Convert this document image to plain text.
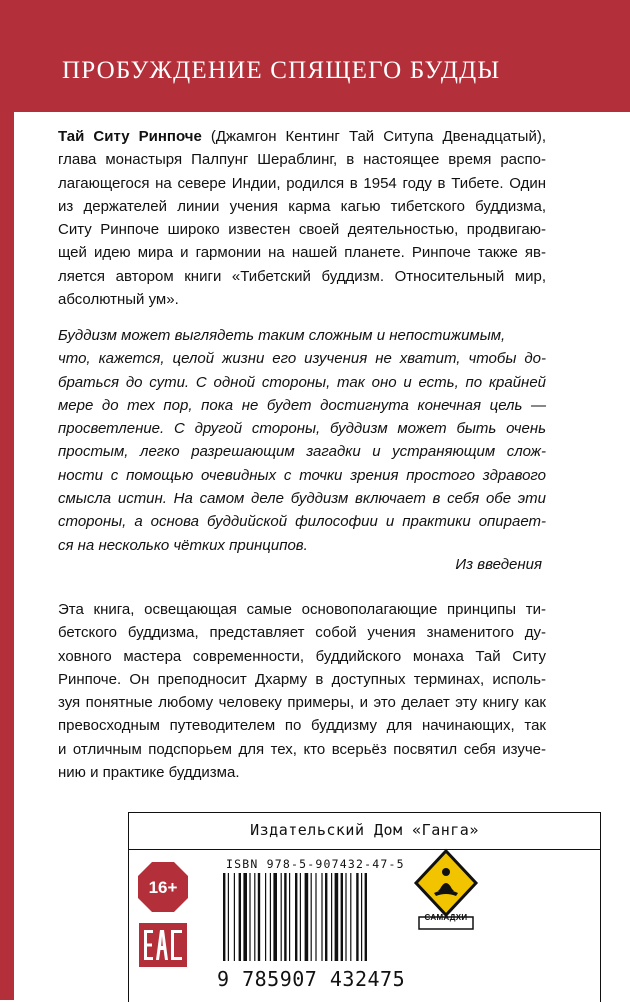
ПРОБУЖДЕНИЕ СПЯЩЕГО БУДДЫ
Тай Ситу Ринпоче (Джамгон Кентинг Тай Ситупа Двенадцатый),
глава монастыря Палпунг Шераблинг, в настоящее время распо-
лагающегося на севере Индии, родился в 1954 году в Тибете. Один
из держателей линии учения карма кагью тибетского буддизма,
Ситу Ринпоче широко известен своей деятельностью, продвигаю-
щей идею мира и гармонии на нашей планете. Ринпоче также яв-
ляется автором книги «Тибетский буддизм. Относительный мир,
абсолютный ум».
Буддизм может выглядеть таким сложным и непостижимым,
что, кажется, целой жизни его изучения не хватит, чтобы до-
браться до сути. С одной стороны, так оно и есть, по крайней
мере до тех пор, пока не будет достигнута конечная цель —
просветление. С другой стороны, буддизм может быть очень
простым, легко разрешающим загадки и устраняющим слож-
ности с помощью очевидных с точки зрения простого здравого
смысла истин. На самом деле буддизм включает в себя обе эти
стороны, а основа буддийской философии и практики опирает-
ся на несколько чётких принципов.
Из введения
Эта книга, освещающая самые основополагающие принципы ти-
бетского буддизма, представляет собой учения знаменитого ду-
ховного мастера современности, буддийского монаха Тай Ситу
Ринпоче. Он преподносит Дхарму в доступных терминах, исполь-
зуя понятные любому человеку примеры, и это делает эту книгу как
превосходным путеводителем по буддизму для начинающих, так
и отличным подспорьем для тех, кто всерьёз посвятил себя изуче-
нию и практике буддизма.
Издательский Дом «Ганга»
16+
ISBN 978-5-907432-47-5
9 785907 432475
САМАДХИ
